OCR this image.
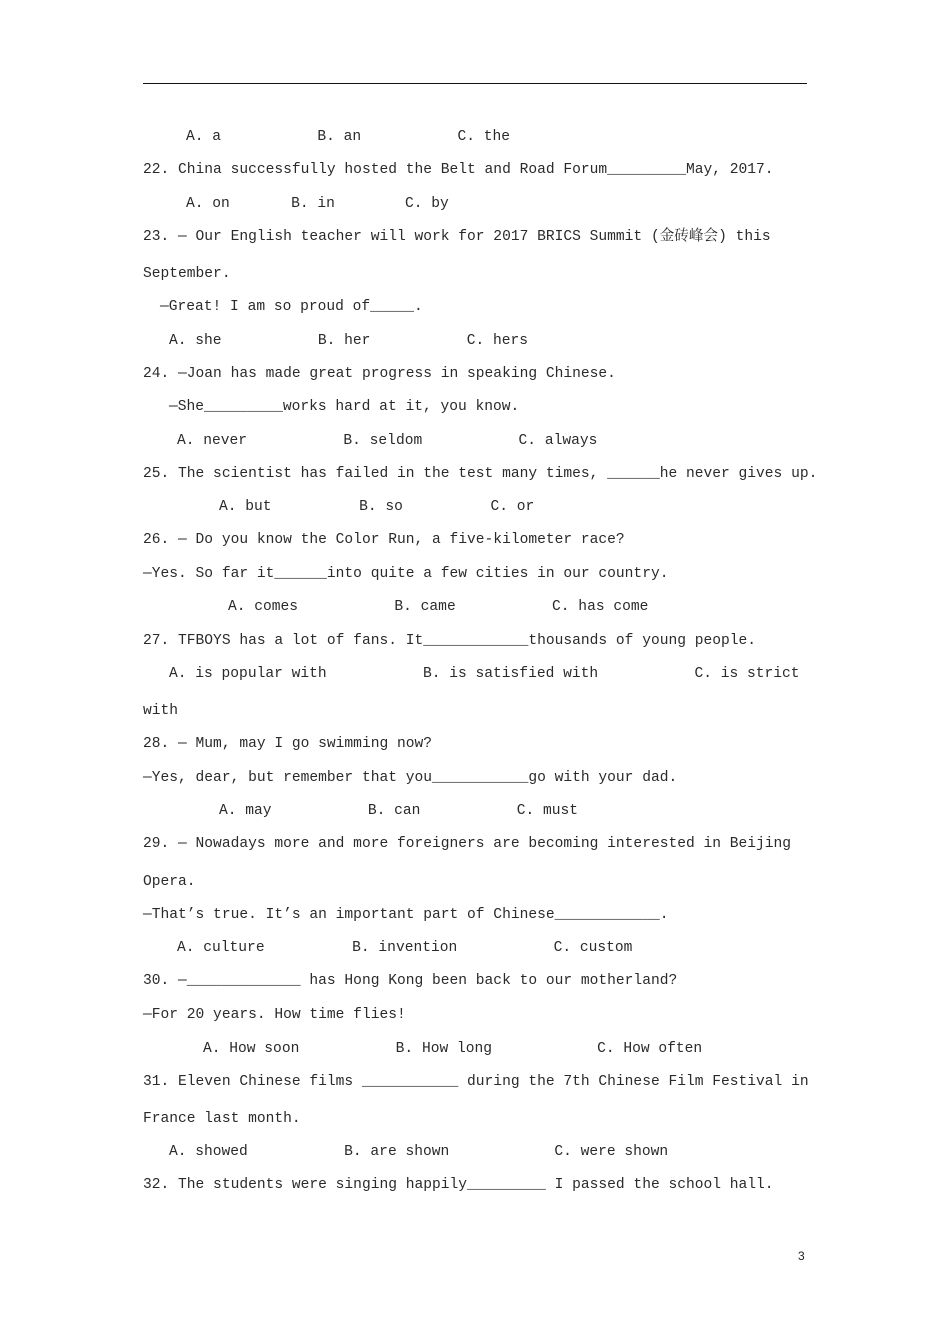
A. a           B. an           C. the
22. China successfully hosted the Belt and Road Forum_________May, 2017.
A. on       B. in        C. by
23. — Our English teacher will work for 2017 BRICS Summit (金砖峰会) this
September.
—Great! I am so proud of_____.
A. she           B. her           C. hers
24. —Joan has made great progress in speaking Chinese.
—She_________works hard at it, you know.
A. never           B. seldom           C. always
25. The scientist has failed in the test many times, ______he never gives up.
A. but          B. so          C. or
26. — Do you know the Color Run, a five-kilometer race?
—Yes. So far it______into quite a few cities in our country.
A. comes           B. came           C. has come
27. TFBOYS has a lot of fans. It____________thousands of young people.
A. is popular with           B. is satisfied with           C. is strict
with
28. — Mum, may I go swimming now?
—Yes, dear, but remember that you___________go with your dad.
A. may           B. can           C. must
29. — Nowadays more and more foreigners are becoming interested in Beijing
Opera.
—That’s true. It’s an important part of Chinese____________.
A. culture          B. invention           C. custom
30. —_____________ has Hong Kong been back to our motherland?
—For 20 years. How time flies!
A. How soon           B. How long            C. How often
31. Eleven Chinese films ___________ during the 7th Chinese Film Festival in
France last month.
A. showed           B. are shown            C. were shown
32. The students were singing happily_________ I passed the school hall.
3
